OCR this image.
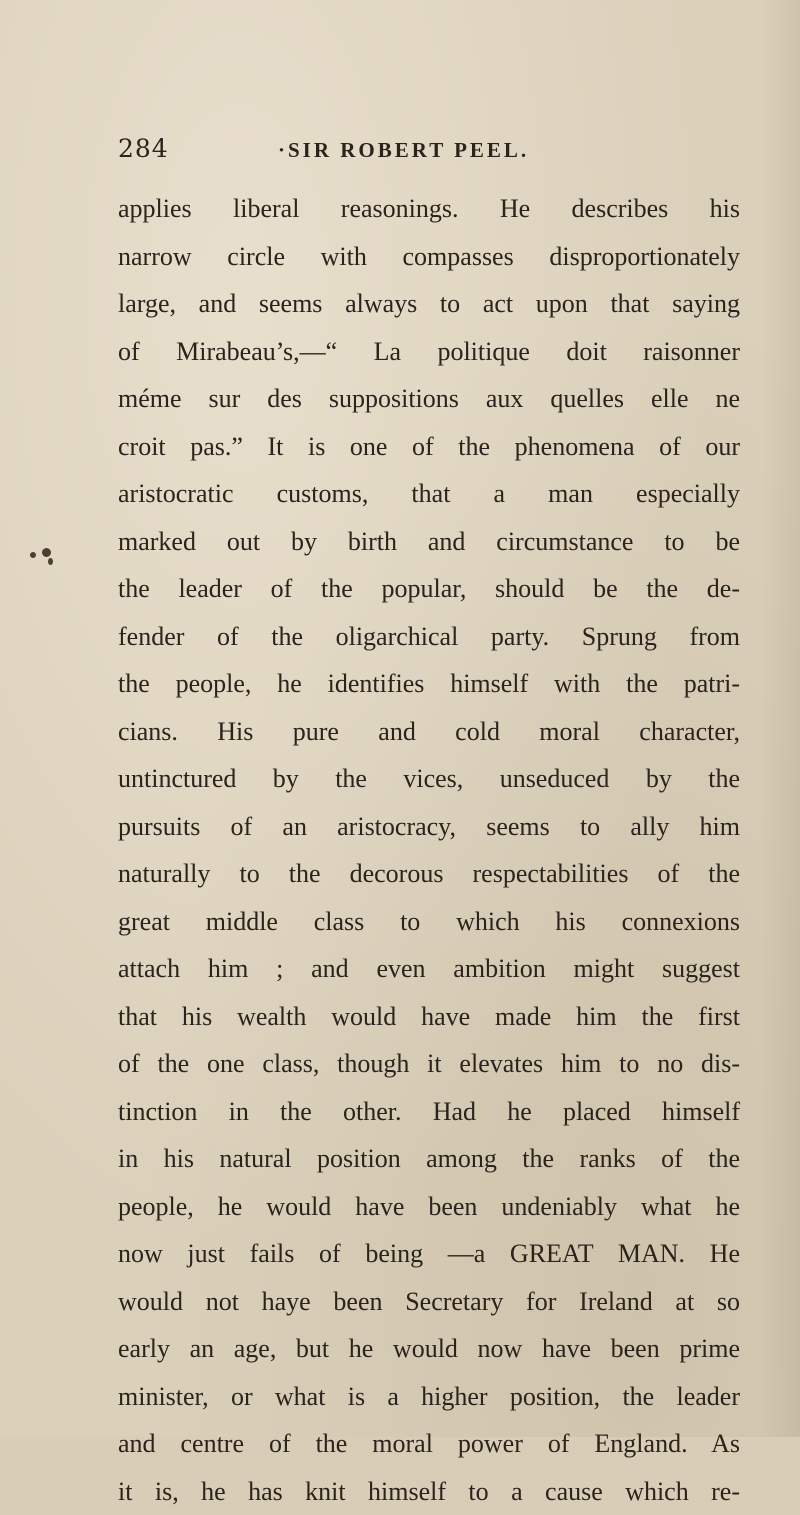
284	·SIR ROBERT PEEL.
applies liberal reasonings. He describes his
narrow circle with compasses disproportionately
large, and seems always to act upon that saying
of Mirabeau’s,—“ La politique doit raisonner
méme sur des suppositions aux quelles elle ne
croit pas.” It is one of the phenomena of our
aristocratic customs, that a man especially
marked out by birth and circumstance to be
the leader of the popular, should be the de-
fender of the oligarchical party. Sprung from
the people, he identifies himself with the patri-
cians. His pure and cold moral character,
untinctured by the vices, unseduced by the
pursuits of an aristocracy, seems to ally him
naturally to the decorous respectabilities of the
great middle class to which his connexions
attach him ; and even ambition might suggest
that his wealth would have made him the first
of the one class, though it elevates him to no dis-
tinction in the other. Had he placed himself
in his natural position among the ranks of the
people, he would have been undeniably what he
now just fails of being —a GREAT MAN. He
would not haye been Secretary for Ireland at so
early an age, but he would now have been prime
minister, or what is a higher position, the leader
and centre of the moral power of England. As
it is, he has knit himself to a cause which re-
